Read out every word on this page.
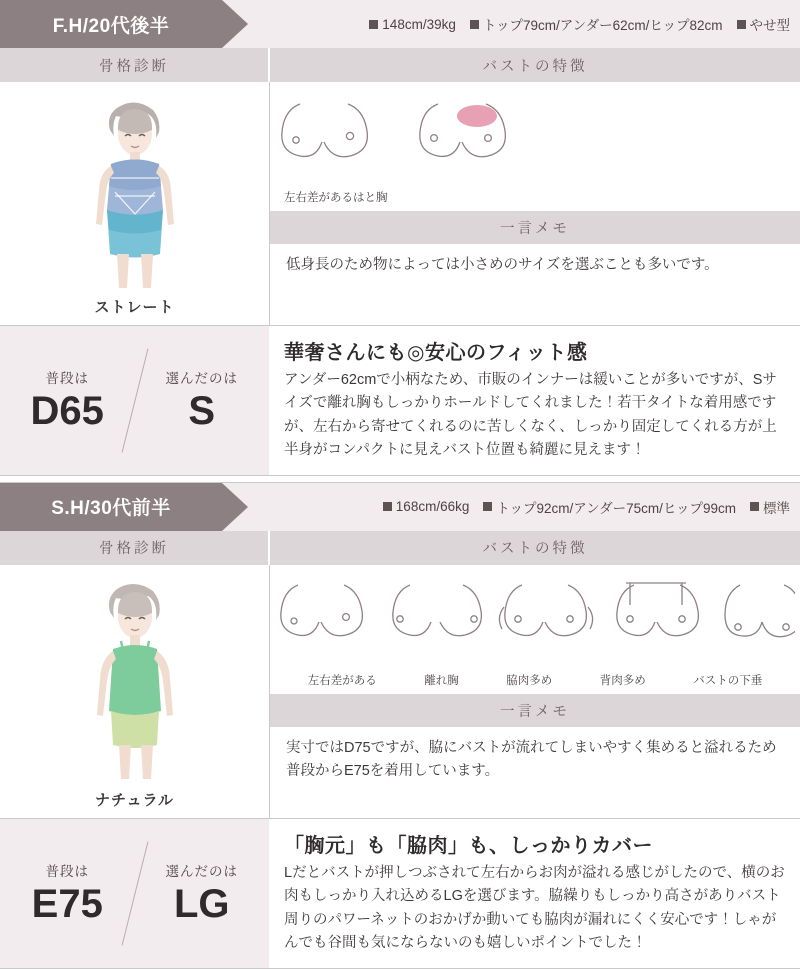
F.H/20代後半	148cm/39kg トップ79cm/アンダー62cm/ヒップ82cm やせ型
骨格診断	バストの特徴
ストレート
左右差がある はと胸
一言メモ
低身長のため物によっては小さめのサイズを選ぶことも多いです。
普段は
D65
選んだのは
S
華奢さんにも◎安心のフィット感
アンダー62cmで小柄なため、市販のインナーは緩いことが多いですが、Sサイズで離れ胸もしっかりホールドしてくれました！若干タイトな着用感ですが、左右から寄せてくれるのに苦しくなく、しっかり固定してくれる方が上半身がコンパクトに見えバスト位置も綺麗に見えます！
S.H/30代前半	168cm/66kg トップ92cm/アンダー75cm/ヒップ99cm 標準
骨格診断	バストの特徴
ナチュラル
左右差がある	離れ胸	脇肉多め	背肉多め	バストの下垂
一言メモ
実寸ではD75ですが、脇にバストが流れてしまいやすく集めると溢れるため普段からE75を着用しています。
普段は
E75
選んだのは
LG
「胸元」も「脇肉」も、しっかりカバー
Lだとバストが押しつぶされて左右からお肉が溢れる感じがしたので、横のお肉もしっかり入れ込めるLGを選びます。脇繰りもしっかり高さがありバスト周りのパワーネットのおかげか動いても脇肉が漏れにくく安心です！しゃがんでも谷間も気にならないのも嬉しいポイントでした！
